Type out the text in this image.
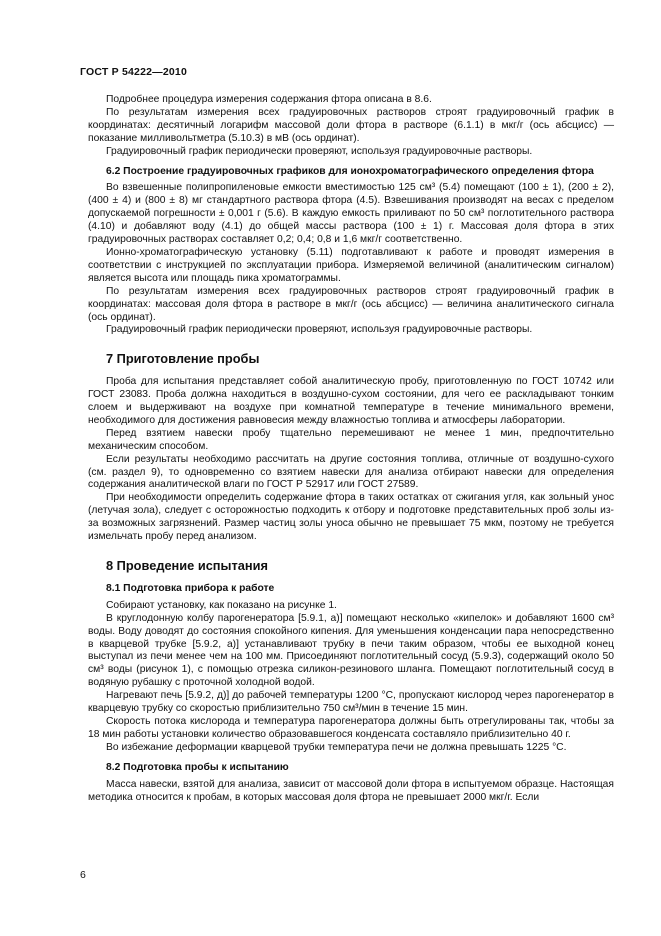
ГОСТ Р 54222—2010

Подробнее процедура измерения содержания фтора описана в 8.6.

По результатам измерения всех градуировочных растворов строят градуировочный график в координатах: десятичный логарифм массовой доли фтора в растворе (6.1.1) в мкг/г (ось абсцисс) — показание милливольтметра (5.10.3) в мВ (ось ординат).

Градуировочный график периодически проверяют, используя градуировочные растворы.

6.2 Построение градуировочных графиков для ионохроматографического определения фтора

Во взвешенные полипропиленовые емкости вместимостью 125 см³ (5.4) помещают (100 ± 1), (200 ± 2), (400 ± 4) и (800 ± 8) мг стандартного раствора фтора (4.5). Взвешивания производят на весах с пределом допускаемой погрешности ± 0,001 г (5.6). В каждую емкость приливают по 50 см³ поглотительного раствора (4.10) и добавляют воду (4.1) до общей массы раствора (100 ± 1) г. Массовая доля фтора в этих градуировочных растворах составляет 0,2; 0,4; 0,8 и 1,6 мкг/г соответственно.

Ионно-хроматографическую установку (5.11) подготавливают к работе и проводят измерения в соответствии с инструкцией по эксплуатации прибора. Измеряемой величиной (аналитическим сигналом) является высота или площадь пика хроматограммы.

По результатам измерения всех градуировочных растворов строят градуировочный график в координатах: массовая доля фтора в растворе в мкг/г (ось абсцисс) — величина аналитического сигнала (ось ординат).

Градуировочный график периодически проверяют, используя градуировочные растворы.

7 Приготовление пробы

Проба для испытания представляет собой аналитическую пробу, приготовленную по ГОСТ 10742 или ГОСТ 23083. Проба должна находиться в воздушно-сухом состоянии, для чего ее раскладывают тонким слоем и выдерживают на воздухе при комнатной температуре в течение минимального времени, необходимого для достижения равновесия между влажностью топлива и атмосферы лаборатории.

Перед взятием навески пробу тщательно перемешивают не менее 1 мин, предпочтительно механическим способом.

Если результаты необходимо рассчитать на другие состояния топлива, отличные от воздушно-сухого (см. раздел 9), то одновременно со взятием навески для анализа отбирают навески для определения содержания аналитической влаги по ГОСТ Р 52917 или ГОСТ 27589.

При необходимости определить содержание фтора в таких остатках от сжигания угля, как зольный унос (летучая зола), следует с осторожностью подходить к отбору и подготовке представительных проб золы из-за возможных загрязнений. Размер частиц золы уноса обычно не превышает 75 мкм, поэтому не требуется измельчать пробу перед анализом.

8 Проведение испытания
8.1 Подготовка прибора к работе

Собирают установку, как показано на рисунке 1.

В круглодонную колбу парогенератора [5.9.1, а)] помещают несколько «кипелок» и добавляют 1600 см³ воды. Воду доводят до состояния спокойного кипения. Для уменьшения конденсации пара непосредственно в кварцевой трубке [5.9.2, а)] устанавливают трубку в печи таким образом, чтобы ее выходной конец выступал из печи менее чем на 100 мм. Присоединяют поглотительный сосуд (5.9.3), содержащий около 50 см³ воды (рисунок 1), с помощью отрезка силикон-резинового шланга. Помещают поглотительный сосуд в водяную рубашку с проточной холодной водой.

Нагревают печь [5.9.2, д)] до рабочей температуры 1200 °С, пропускают кислород через парогенератор в кварцевую трубку со скоростью приблизительно 750 см³/мин в течение 15 мин.

Скорость потока кислорода и температура парогенератора должны быть отрегулированы так, чтобы за 18 мин работы установки количество образовавшегося конденсата составляло приблизительно 40 г.

Во избежание деформации кварцевой трубки температура печи не должна превышать 1225 °С.

8.2 Подготовка пробы к испытанию

Масса навески, взятой для анализа, зависит от массовой доли фтора в испытуемом образце. Настоящая методика относится к пробам, в которых массовая доля фтора не превышает 2000 мкг/г. Если

6
